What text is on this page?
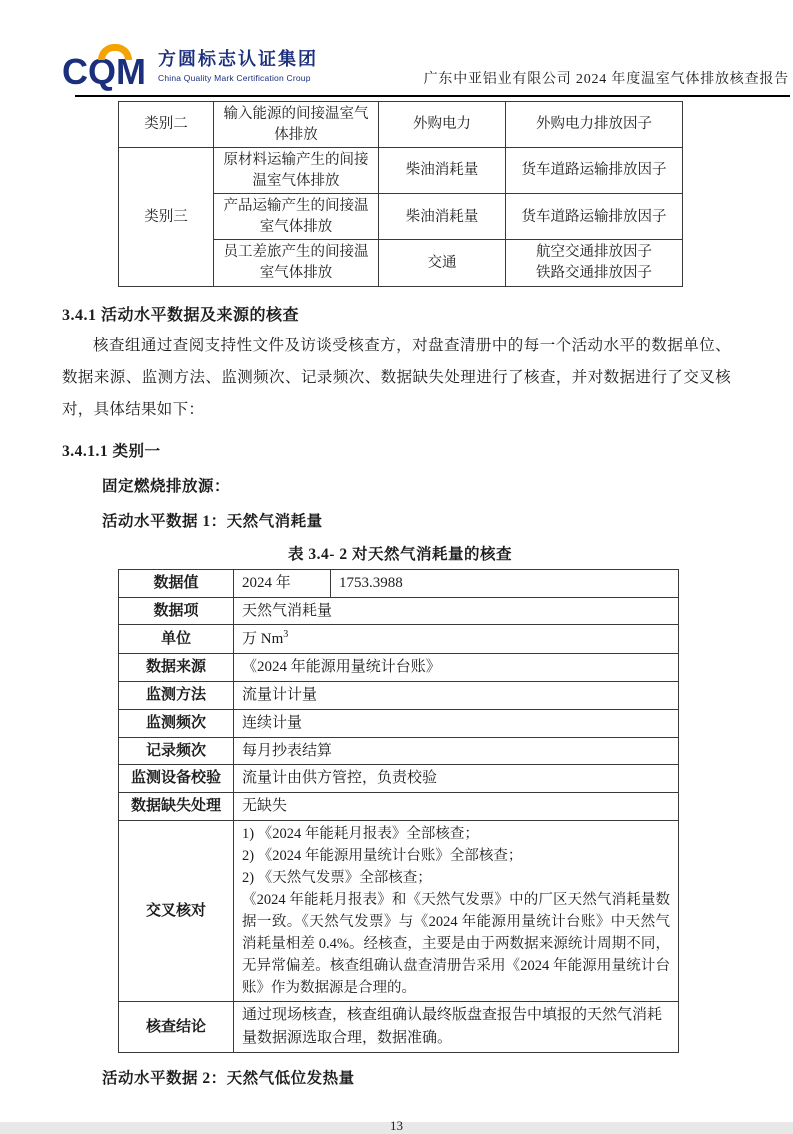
CQM 方圆标志认证集团
China Quality Mark Certification Croup	广东中亚铝业有限公司 2024 年度温室气体排放核查报告
类别二	输入能源的间接温室气体排放	外购电力	外购电力排放因子
类别三	原材料运输产生的间接温室气体排放	柴油消耗量	货车道路运输排放因子
	产品运输产生的间接温室气体排放	柴油消耗量	货车道路运输排放因子
	员工差旅产生的间接温室气体排放	交通	航空交通排放因子
铁路交通排放因子
3.4.1 活动水平数据及来源的核查

核查组通过查阅支持性文件及访谈受核查方，对盘查清册中的每一个活动水平的数据单位、数据来源、监测方法、监测频次、记录频次、数据缺失处理进行了核查，并对数据进行了交叉核对，具体结果如下：

3.4.1.1 类别一
固定燃烧排放源：
活动水平数据 1：天然气消耗量
表 3.4- 2 对天然气消耗量的核查
数据值	2024 年	1753.3988
数据项	天然气消耗量	
单位	万 Nm$^3$
数据来源	《2024 年能源用量统计台账》	
监测方法	流量计计量	
监测频次	连续计量	
记录频次	每月抄表结算	
监测设备校验	流量计由供方管控，负责校验	
数据缺失处理	无缺失	
交叉核对	1) 《2024 年能耗月报表》全部核查；
2) 《2024 年能源用量统计台账》全部核查；
2) 《天然气发票》全部核查；
《2024 年能耗月报表》和《天然气发票》中的厂区天然气消耗量数据一致。《天然气发票》与《2024 年能源用量统计台账》中天然气消耗量相差 0.4%。经核查，主要是由于两数据来源统计周期不同，无异常偏差。核查组确认盘查清册告采用《2024 年能源用量统计台账》作为数据源是合理的。	

核查结论	通过现场核查，核查组确认最终版盘查报告中填报的天然气消耗量数据源选取合理，数据准确。	
活动水平数据 2：天然气低位发热量
13
